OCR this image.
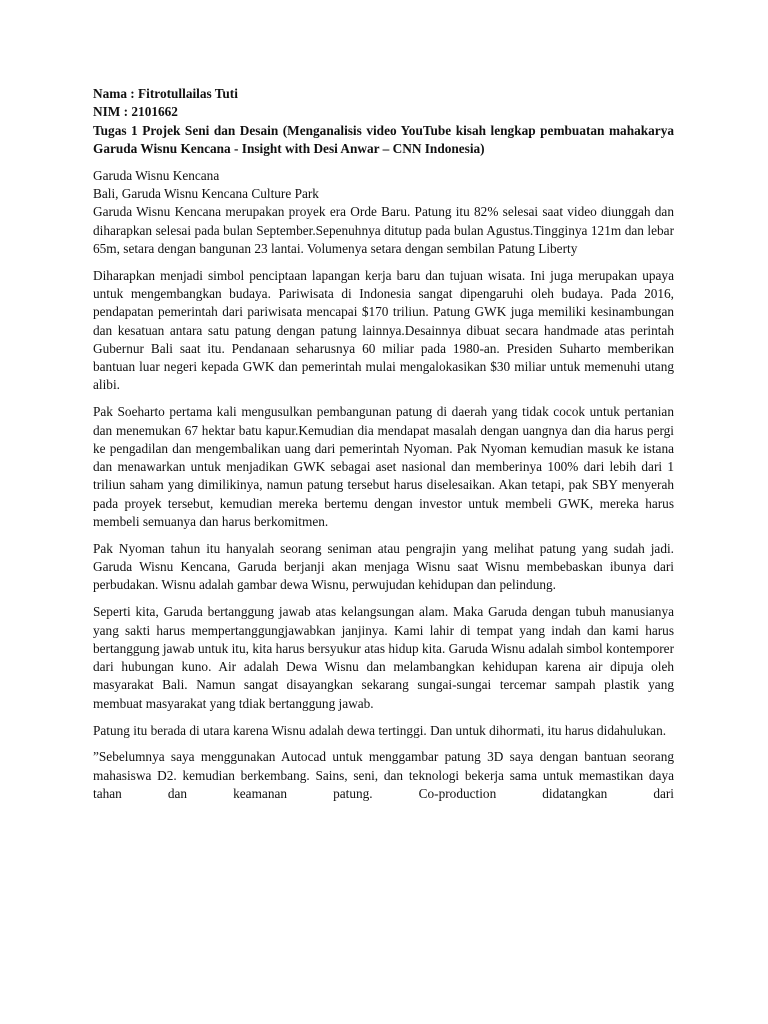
Nama : Fitrotullailas Tuti
NIM : 2101662
Tugas 1 Projek Seni dan Desain (Menganalisis video YouTube kisah lengkap pembuatan mahakarya Garuda Wisnu Kencana - Insight with Desi Anwar – CNN Indonesia)
Garuda Wisnu Kencana
Bali, Garuda Wisnu Kencana Culture Park

Garuda Wisnu Kencana merupakan proyek era Orde Baru. Patung itu 82% selesai saat video diunggah dan diharapkan selesai pada bulan September.Sepenuhnya ditutup pada bulan Agustus.Tingginya 121m dan lebar 65m, setara dengan bangunan 23 lantai. Volumenya setara dengan sembilan Patung Liberty

Diharapkan menjadi simbol penciptaan lapangan kerja baru dan tujuan wisata. Ini juga merupakan upaya untuk mengembangkan budaya. Pariwisata di Indonesia sangat dipengaruhi oleh budaya. Pada 2016, pendapatan pemerintah dari pariwisata mencapai $170 triliun. Patung GWK juga memiliki kesinambungan dan kesatuan antara satu patung dengan patung lainnya.Desainnya dibuat secara handmade atas perintah Gubernur Bali saat itu. Pendanaan seharusnya 60 miliar pada 1980-an. Presiden Suharto memberikan bantuan luar negeri kepada GWK dan pemerintah mulai mengalokasikan $30 miliar untuk memenuhi utang alibi.

Pak Soeharto pertama kali mengusulkan pembangunan patung di daerah yang tidak cocok untuk pertanian dan menemukan 67 hektar batu kapur.Kemudian dia mendapat masalah dengan uangnya dan dia harus pergi ke pengadilan dan mengembalikan uang dari pemerintah Nyoman. Pak Nyoman kemudian masuk ke istana dan menawarkan untuk menjadikan GWK sebagai aset nasional dan memberinya 100% dari lebih dari 1 triliun saham yang dimilikinya, namun patung tersebut harus diselesaikan. Akan tetapi, pak SBY menyerah pada proyek tersebut, kemudian mereka bertemu dengan investor untuk membeli GWK, mereka harus membeli semuanya dan harus berkomitmen.

Pak Nyoman tahun itu hanyalah seorang seniman atau pengrajin yang melihat patung yang sudah jadi. Garuda Wisnu Kencana, Garuda berjanji akan menjaga Wisnu saat Wisnu membebaskan ibunya dari perbudakan. Wisnu adalah gambar dewa Wisnu, perwujudan kehidupan dan pelindung.

Seperti kita, Garuda bertanggung jawab atas kelangsungan alam. Maka Garuda dengan tubuh manusianya yang sakti harus mempertanggungjawabkan janjinya. Kami lahir di tempat yang indah dan kami harus bertanggung jawab untuk itu, kita harus bersyukur atas hidup kita. Garuda Wisnu adalah simbol kontemporer dari hubungan kuno. Air adalah Dewa Wisnu dan melambangkan kehidupan karena air dipuja oleh masyarakat Bali. Namun sangat disayangkan sekarang sungai-sungai tercemar sampah plastik yang membuat masyarakat yang tdiak bertanggung jawab.

Patung itu berada di utara karena Wisnu adalah dewa tertinggi. Dan untuk dihormati, itu harus didahulukan.

”Sebelumnya saya menggunakan Autocad untuk menggambar patung 3D saya dengan bantuan seorang mahasiswa D2. kemudian berkembang. Sains, seni, dan teknologi bekerja sama untuk memastikan daya tahan dan keamanan patung. Co-production didatangkan dari
